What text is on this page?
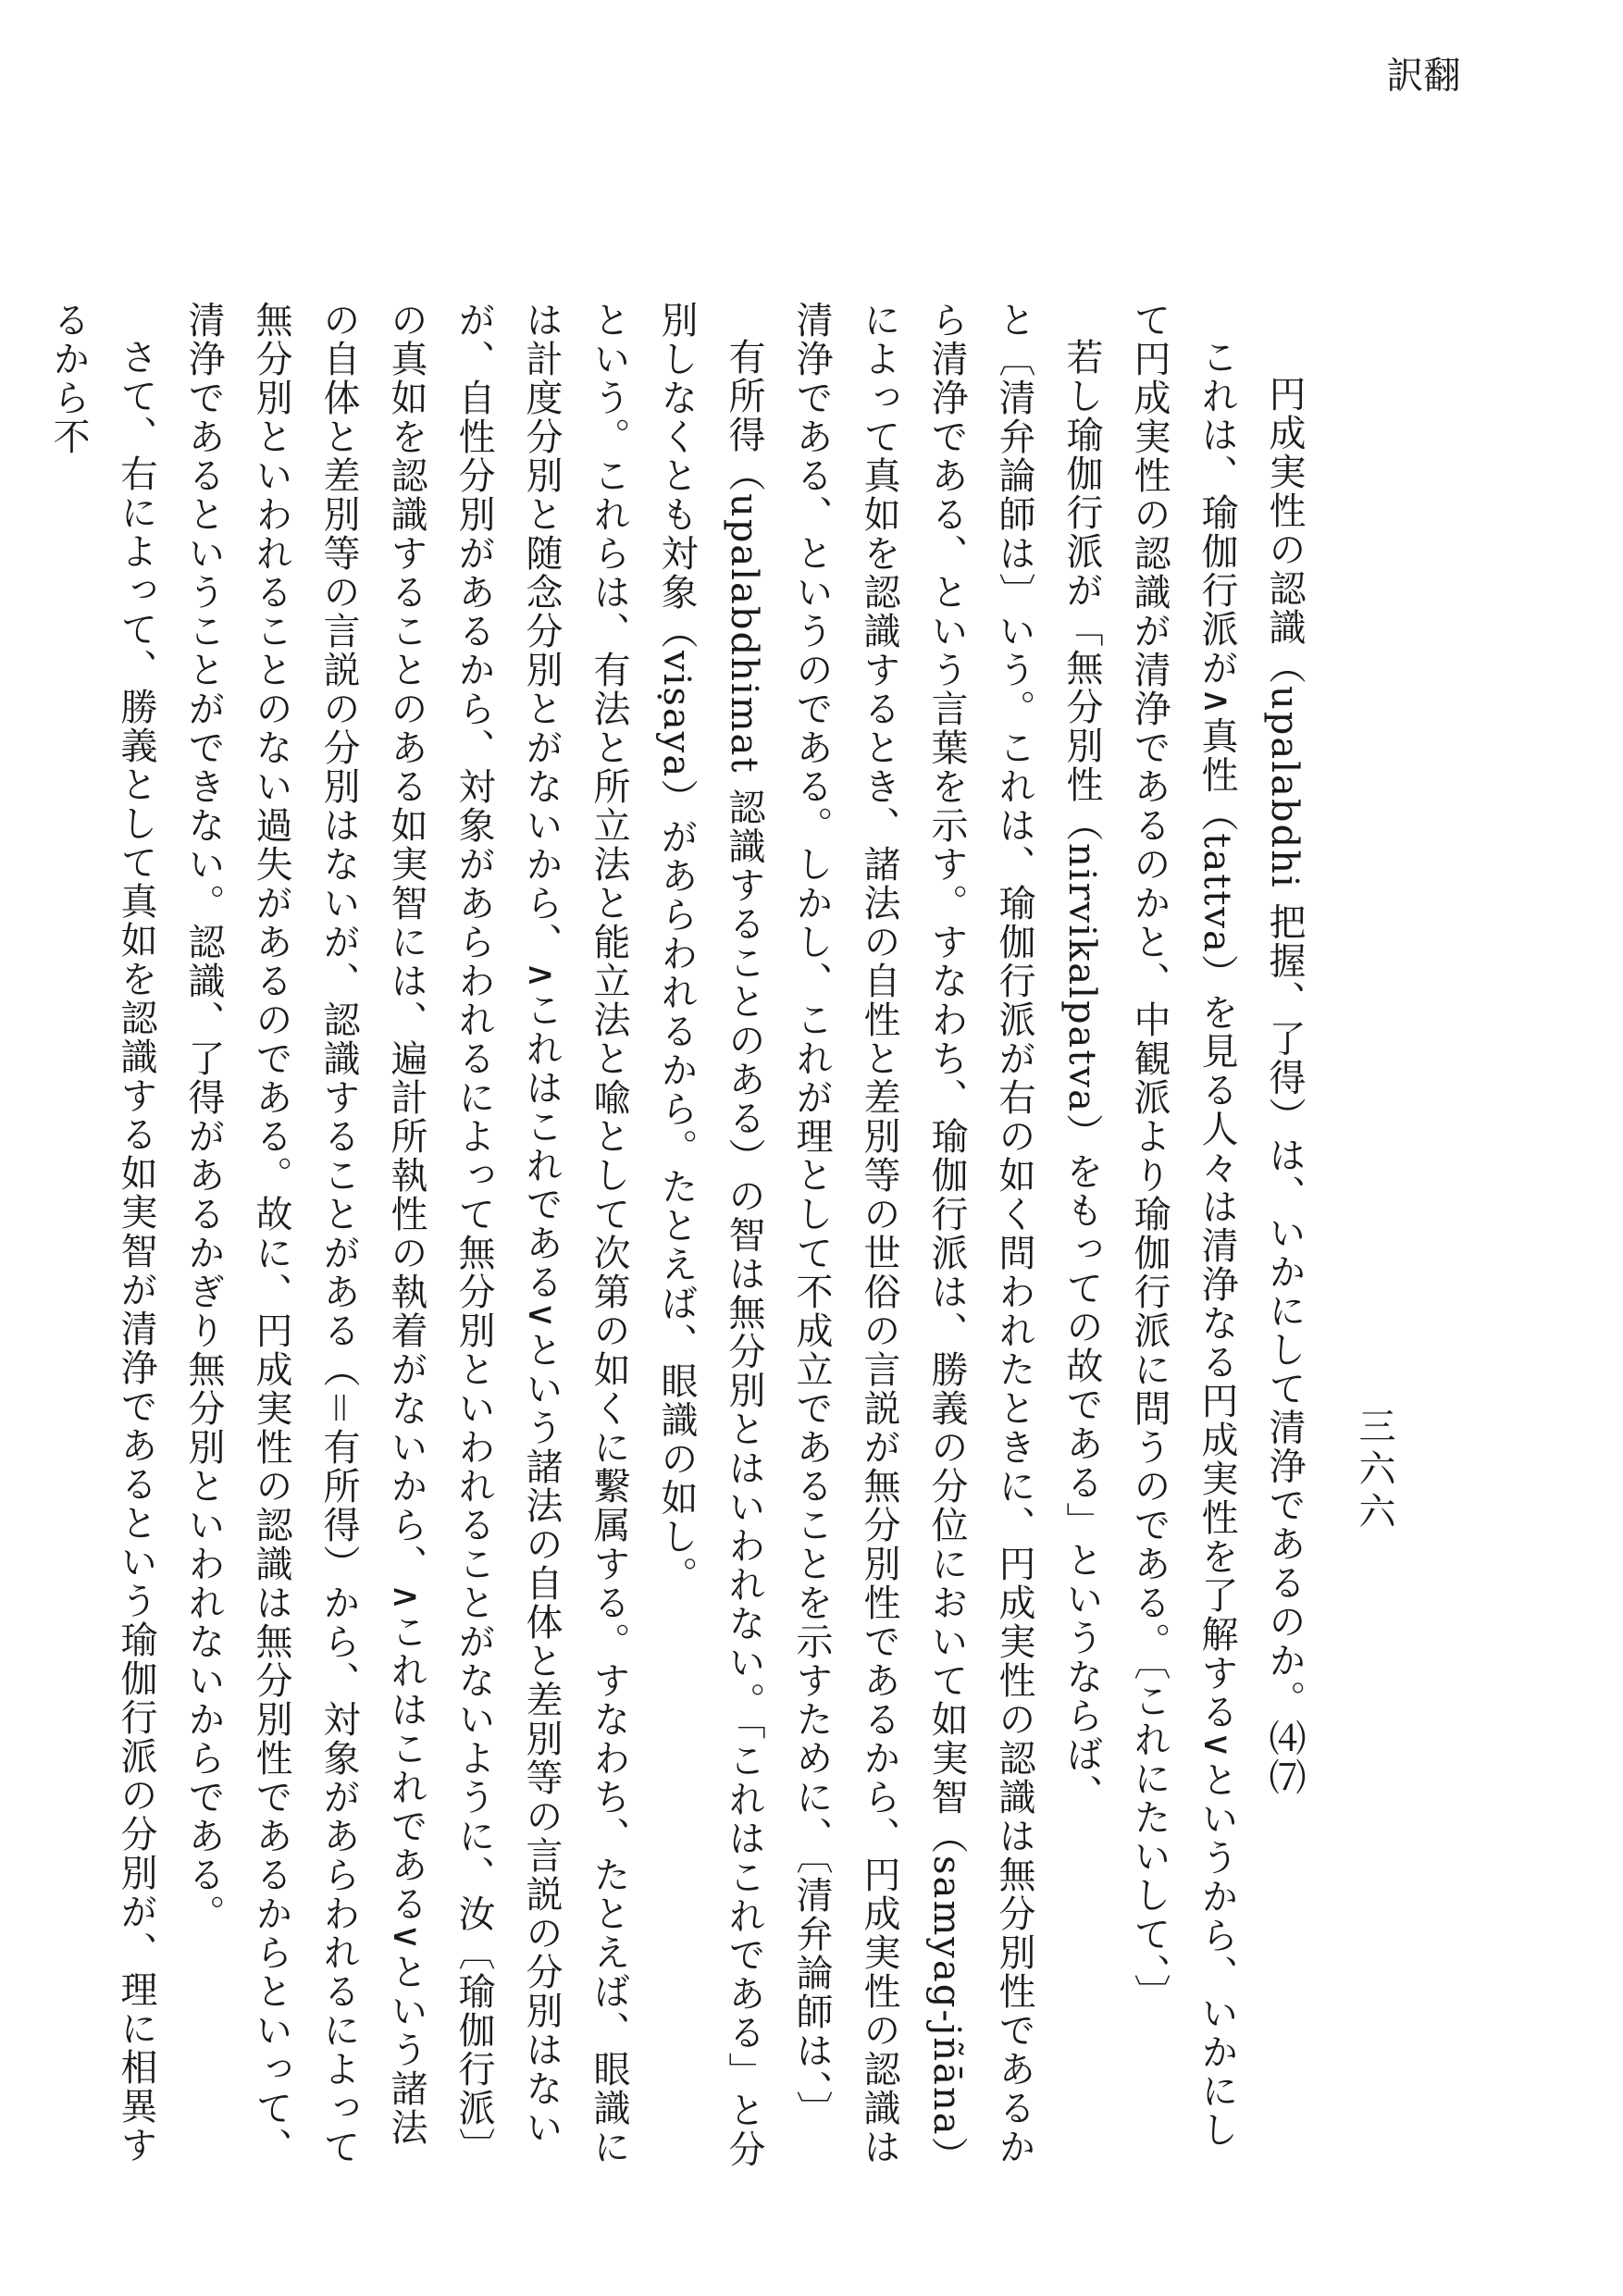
翻訳
三六六

円成実性の認識（upalabdhi 把握、了得）は、いかにして清浄であるのか。⑷⑺

これは、瑜伽行派が∧真性（tattva）を見る人々は清浄なる円成実性を了解する∨というから、いかにして円成実性の認識が清浄であるのかと、中観派より瑜伽行派に問うのである。〔これにたいして、〕

若し瑜伽行派が「無分別性（nirvikalpatva）をもっての故である」というならば、

と〔清弁論師は〕いう。これは、瑜伽行派が右の如く問われたときに、円成実性の認識は無分別性であるから清浄である、という言葉を示す。すなわち、瑜伽行派は、勝義の分位において如実智（samyag-jñāna）によって真如を認識するとき、諸法の自性と差別等の世俗の言説が無分別性であるから、円成実性の認識は清浄である、というのである。しかし、これが理として不成立であることを示すために、〔清弁論師は、〕

有所得（upalabdhimat 認識することのある）の智は無分別とはいわれない。「これはこれである」と分別しなくとも対象（viṣaya）があらわれるから。たとえば、眼識の如し。

という。これらは、有法と所立法と能立法と喩として次第の如くに繫属する。すなわち、たとえば、眼識には計度分別と随念分別とがないから、∧これはこれである∨という諸法の自体と差別等の言説の分別はないが、自性分別があるから、対象があらわれるによって無分別といわれることがないように、汝〔瑜伽行派〕の真如を認識することのある如実智には、遍計所執性の執着がないから、∧これはこれである∨という諸法の自体と差別等の言説の分別はないが、認識することがある（＝有所得）から、対象があらわれるによって無分別といわれることのない過失があるのである。故に、円成実性の認識は無分別性であるからといって、清浄であるということができない。認識、了得があるかぎり無分別といわれないからである。

さて、右によって、勝義として真如を認識する如実智が清浄であるという瑜伽行派の分別が、理に相異するから不
